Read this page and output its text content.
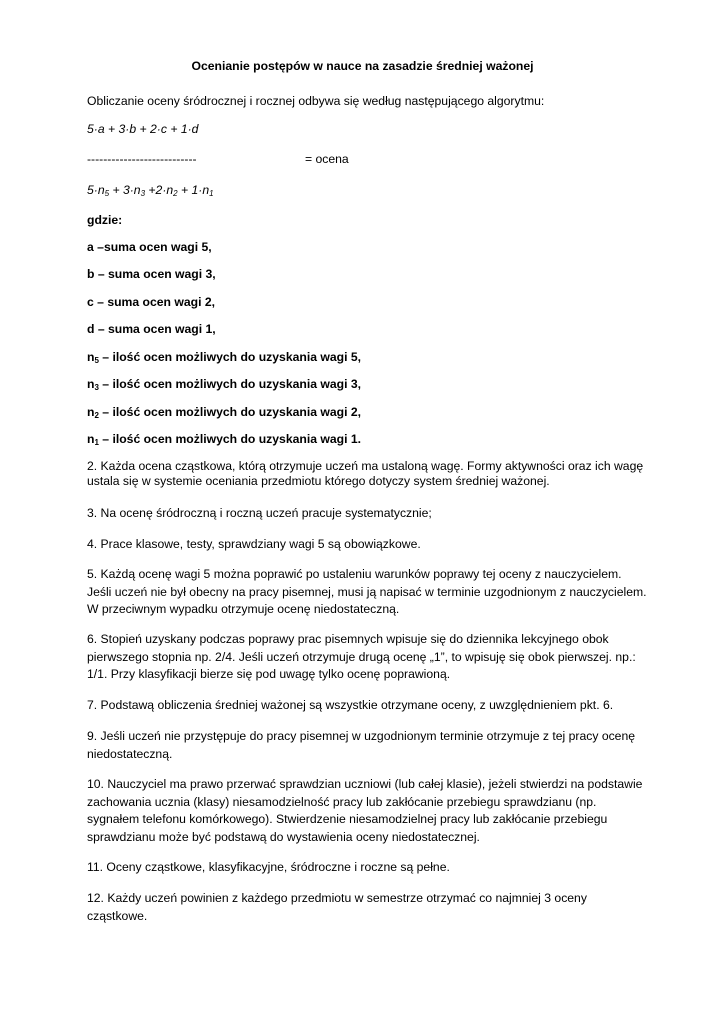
Ocenianie postępów w nauce na zasadzie średniej ważonej
Obliczanie oceny śródrocznej i rocznej odbywa się według następującego algorytmu:
5·a + 3·b + 2·c + 1·d
---------------------------	= ocena
$5\cdot n_5 + 3\cdot n_3 +2\cdot n_2 + 1\cdot n_1$
gdzie:
a –suma ocen wagi 5,
b – suma ocen wagi 3,
c – suma ocen wagi 2,
d – suma ocen wagi 1,
$n_5$ – ilość ocen możliwych do uzyskania wagi 5,
$n_3$ – ilość ocen możliwych do uzyskania wagi 3,
$n_2$ – ilość ocen możliwych do uzyskania wagi 2,
$n_1$ – ilość ocen możliwych do uzyskania wagi 1.
2. Każda ocena cząstkowa, którą otrzymuje uczeń ma ustaloną wagę. Formy aktywności oraz ich wagę ustala się w systemie oceniania przedmiotu którego dotyczy system średniej ważonej.
3. Na ocenę śródroczną i roczną uczeń pracuje systematycznie;
4. Prace klasowe, testy, sprawdziany wagi 5 są obowiązkowe.
5. Każdą ocenę wagi 5 można poprawić po ustaleniu warunków poprawy tej oceny z nauczycielem. Jeśli uczeń nie był obecny na pracy pisemnej, musi ją napisać w terminie uzgodnionym z nauczycielem. W przeciwnym wypadku otrzymuje ocenę niedostateczną.
6. Stopień uzyskany podczas poprawy prac pisemnych wpisuje się do dziennika lekcyjnego obok pierwszego stopnia np. 2/4. Jeśli uczeń otrzymuje drugą ocenę „1”, to wpisuję się obok pierwszej. np.: 1/1. Przy klasyfikacji bierze się pod uwagę tylko ocenę poprawioną.
7. Podstawą obliczenia średniej ważonej są wszystkie otrzymane oceny, z uwzględnieniem pkt. 6.
9. Jeśli uczeń nie przystępuje do pracy pisemnej w uzgodnionym terminie otrzymuje z tej pracy ocenę niedostateczną.
10. Nauczyciel ma prawo przerwać sprawdzian uczniowi (lub całej klasie), jeżeli stwierdzi na podstawie zachowania ucznia (klasy) niesamodzielność pracy lub zakłócanie przebiegu sprawdzianu (np. sygnałem telefonu komórkowego). Stwierdzenie niesamodzielnej pracy lub zakłócanie przebiegu sprawdzianu może być podstawą do wystawienia oceny niedostatecznej.
11. Oceny cząstkowe, klasyfikacyjne, śródroczne i roczne są pełne.
12. Każdy uczeń powinien z każdego przedmiotu w semestrze otrzymać co najmniej 3 oceny cząstkowe.
